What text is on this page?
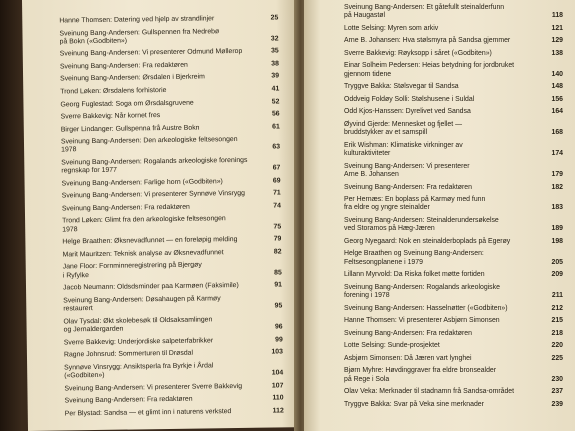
Hanne Thomsen: Datering ved hjelp av strandlinjer	25
Sveinung Bang-Andersen: Gullspennen fra Nedrebø
på Bokn («Godbiten»)	32
Sveinung Bang-Andersen: Vi presenterer Odmund Møllerop	35
Sveinung Bang-Andersen: Fra redaktøren	38
Sveinung Bang-Andersen: Ørsdalen i Bjerkreim	39
Trond Løken: Ørsdalens forhistorie	41
Georg Fuglestad: Soga om Ørsdalsgruvene	52
Sverre Bakkevig: Når kornet fres	56
Birger Lindanger: Gullspenna frå Austre Bokn	61
Sveinung Bang-Andersen: Den arkeologiske feltsesongen
1978	63
Sveinung Bang-Andersen: Rogalands arkeologiske forenings
regnskap for 1977	67
Sveinung Bang-Andersen: Farlige horn («Godbiten»)	69
Sveinung Bang-Andersen: Vi presenterer Synnøve Vinsrygg	71
Sveinung Bang-Andersen: Fra redaktøren	74
Trond Løken: Glimt fra den arkeologiske feltsesongen
1978	75
Helge Braathen: Øksnevadfunnet — en foreløpig melding	79
Marit Mauritzen: Teknisk analyse av Øksnevadfunnet	82
Jane Floor: Fornminneregistrering på Bjergøy
i Ryfylke	85
Jacob Neumann: Oldsdsminder paa Karmøen (Faksimile)	91
Sveinung Bang-Andersen: Døsahaugen på Karmøy
restaurert	95
Olav Tysdal: Økt skolebesøk til Oldsaksamlingen
og Jernaldergarden	96
Sverre Bakkevig: Underjordiske salpeterfabrikker	99
Ragne Johnsrud: Sommerturen til Drøsdal	103
Synnøve Vinsrygg: Ansiktsperla fra Byrkje i Årdal
(«Godbiten»)	104
Sveinung Bang-Andersen: Vi presenterer Sverre Bakkevig	107
Sveinung Bang-Andersen: Fra redaktøren	110
Per Blystad: Sandsa — et glimt inn i naturens verksted	112
Sveinung Bang-Andersen: Et gåtefullt steinalderfunn
på Haugastøl	118
Lotte Selsing: Myren som arkiv	121
Arne B. Johansen: Hva stølsmyra på Sandsa gjemmer	129
Sverre Bakkevig: Røyksopp i såret («Godbiten»)	138
Einar Solheim Pedersen: Heias betydning for jordbruket
gjennom tidene	140
Tryggve Bakka: Stølsvegar til Sandsa	148
Oddveig Foldøy Solli: Stølshusene i Suldal	156
Odd Kjos-Hanssen: Dyrelivet ved Sandsa	164
Øyvind Gjerde: Mennesket og fjellet —
bruddstykker av et samspill	168
Erik Wishman: Klimatiske virkninger av
kulturaktiviteter	174
Sveinung Bang-Andersen: Vi presenterer
Arne B. Johansen	179
Sveinung Bang-Andersen: Fra redaktøren	182
Per Hernæs: En boplass på Karmøy med funn
fra eldre og yngre steinalder	183
Sveinung Bang-Andersen: Steinalderundersøkelse
ved Storamos på Hæg-Jæren	189
Georg Nyegaard: Nok en steinalderboplads på Egerøy	198
Helge Braathen og Sveinung Bang-Andersen:
Feltsesongplanene i 1979	205
Lillann Myrvold: Da Riska folket møtte fortiden	209
Sveinung Bang-Andersen: Rogalands arkeologiske
forening i 1978	211
Sveinung Bang-Andersen: Hasselnøtter («Godbiten»)	212
Hanne Thomsen: Vi presenterer Asbjørn Simonsen	215
Sveinung Bang-Andersen: Fra redaktøren	218
Lotte Selsing: Sunde-prosjektet	220
Asbjørn Simonsen: Då Jæren vart lynghei	225
Bjørn Myhre: Høvdinggraver fra eldre bronsealder
på Rege i Sola	230
Olav Veka: Merknader til stadnamn frå Sandsa-området	237
Tryggve Bakka: Svar på Veka sine merknader	239
